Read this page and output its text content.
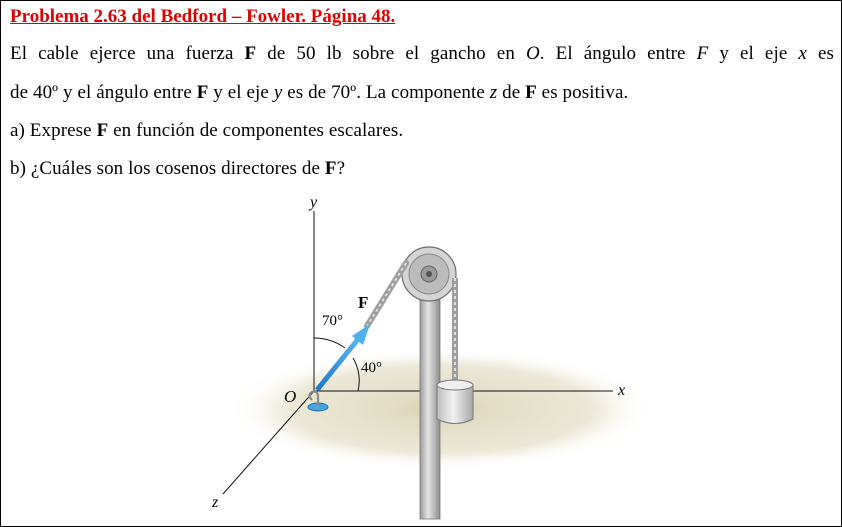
Problema 2.63 del Bedford – Fowler. Página 48.
El cable ejerce una fuerza F de 50 lb sobre el gancho en O. El ángulo entre F y el eje x es
de 40º y el ángulo entre F y el eje y es de 70º. La componente z de F es positiva.
a) Exprese F en función de componentes escalares.
b) ¿Cuáles son los cosenos directores de F?
y
x
z
O
70°
40°
F
